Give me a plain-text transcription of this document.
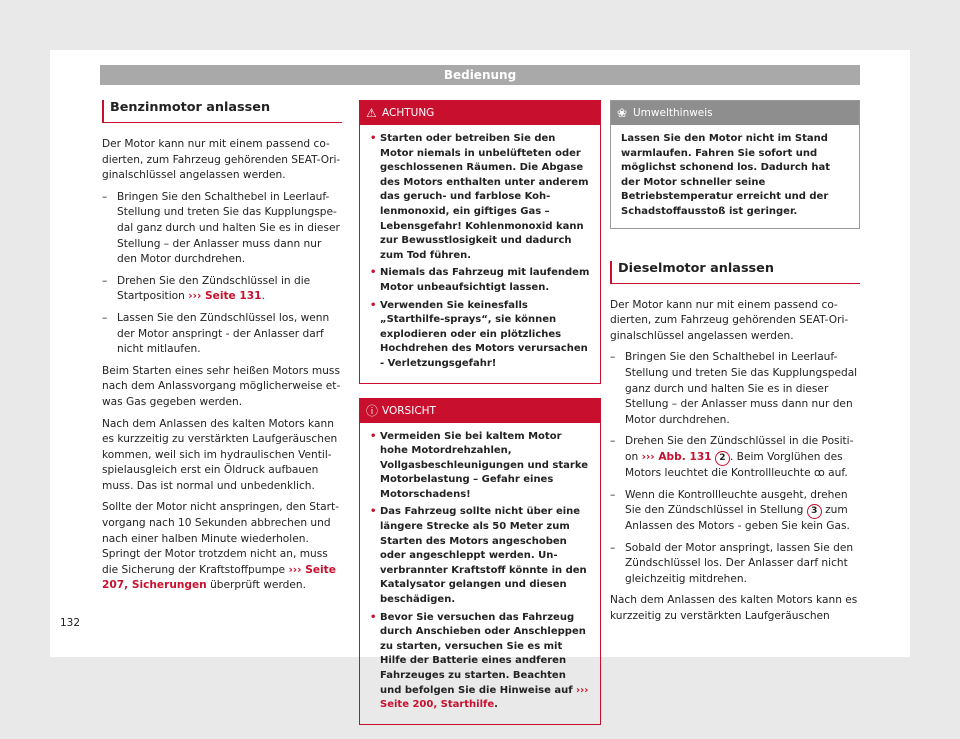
Bedienung
Benzinmotor anlassen

Der Motor kann nur mit einem passend codierten, zum Fahrzeug gehörenden SEAT-Originalschlüssel angelassen werden.

– Bringen Sie den Schalthebel in Leerlauf-Stellung und treten Sie das Kupplungspedal ganz durch und halten Sie es in dieser Stellung – der Anlasser muss dann nur den Motor durchdrehen.
– Drehen Sie den Zündschlüssel in die Startposition ››› Seite 131.
– Lassen Sie den Zündschlüssel los, wenn der Motor anspringt - der Anlasser darf nicht mitlaufen.

Beim Starten eines sehr heißen Motors muss nach dem Anlassvorgang möglicherweise etwas Gas gegeben werden.

Nach dem Anlassen des kalten Motors kann es kurzzeitig zu verstärkten Laufgeräuschen kommen, weil sich im hydraulischen Ventilspielausgleich erst ein Öldruck aufbauen muss. Das ist normal und unbedenklich.

Sollte der Motor nicht anspringen, den Startvorgang nach 10 Sekunden abbrechen und nach einer halben Minute wiederholen. Springt der Motor trotzdem nicht an, muss die Sicherung der Kraftstoffpumpe ››› Seite 207, Sicherungen überprüft werden.

⚠ ACHTUNG
• Starten oder betreiben Sie den Motor niemals in unbelüfteten oder geschlossenen Räumen. Die Abgase des Motors enthalten unter anderem das geruch- und farblose Kohlenmonoxid, ein giftiges Gas – Lebensgefahr! Kohlenmonoxid kann zur Bewusstlosigkeit und dadurch zum Tod führen.
• Niemals das Fahrzeug mit laufendem Motor unbeaufsichtigt lassen.
• Verwenden Sie keinesfalls „Starthilfe-sprays“, sie können explodieren oder ein plötzliches Hochdrehen des Motors verursachen - Verletzungsgefahr!
ⓘ VORSICHT
• Vermeiden Sie bei kaltem Motor hohe Motordrehzahlen, Vollgasbeschleunigungen und starke Motorbelastung – Gefahr eines Motorschadens!
• Das Fahrzeug sollte nicht über eine längere Strecke als 50 Meter zum Starten des Motors angeschoben oder angeschleppt werden. Unverbrannter Kraftstoff könnte in den Katalysator gelangen und diesen beschädigen.
• Bevor Sie versuchen das Fahrzeug durch Anschieben oder Anschleppen zu starten, versuchen Sie es mit Hilfe der Batterie eines andferen Fahrzeuges zu starten. Beachten und befolgen Sie die Hinweise auf ››› Seite 200, Starthilfe.
❀ Umwelthinweis
Lassen Sie den Motor nicht im Stand warmlaufen. Fahren Sie sofort und möglichst schonend los. Dadurch hat der Motor schneller seine Betriebstemperatur erreicht und der Schadstoffausstoß ist geringer.
Dieselmotor anlassen

Der Motor kann nur mit einem passend codierten, zum Fahrzeug gehörenden SEAT-Originalschlüssel angelassen werden.

– Bringen Sie den Schalthebel in Leerlauf-Stellung und treten Sie das Kupplungspedal ganz durch und halten Sie es in dieser Stellung – der Anlasser muss dann nur den Motor durchdrehen.
– Drehen Sie den Zündschlüssel in die Position ››› Abb. 131 2 . Beim Vorglühen des Motors leuchtet die Kontrollleuchte ꝏ auf.
– Wenn die Kontrollleuchte ausgeht, drehen Sie den Zündschlüssel in Stellung 3 zum Anlassen des Motors - geben Sie kein Gas.
– Sobald der Motor anspringt, lassen Sie den Zündschlüssel los. Der Anlasser darf nicht gleichzeitig mitdrehen.

Nach dem Anlassen des kalten Motors kann es kurzzeitig zu verstärkten Laufgeräuschen

132
